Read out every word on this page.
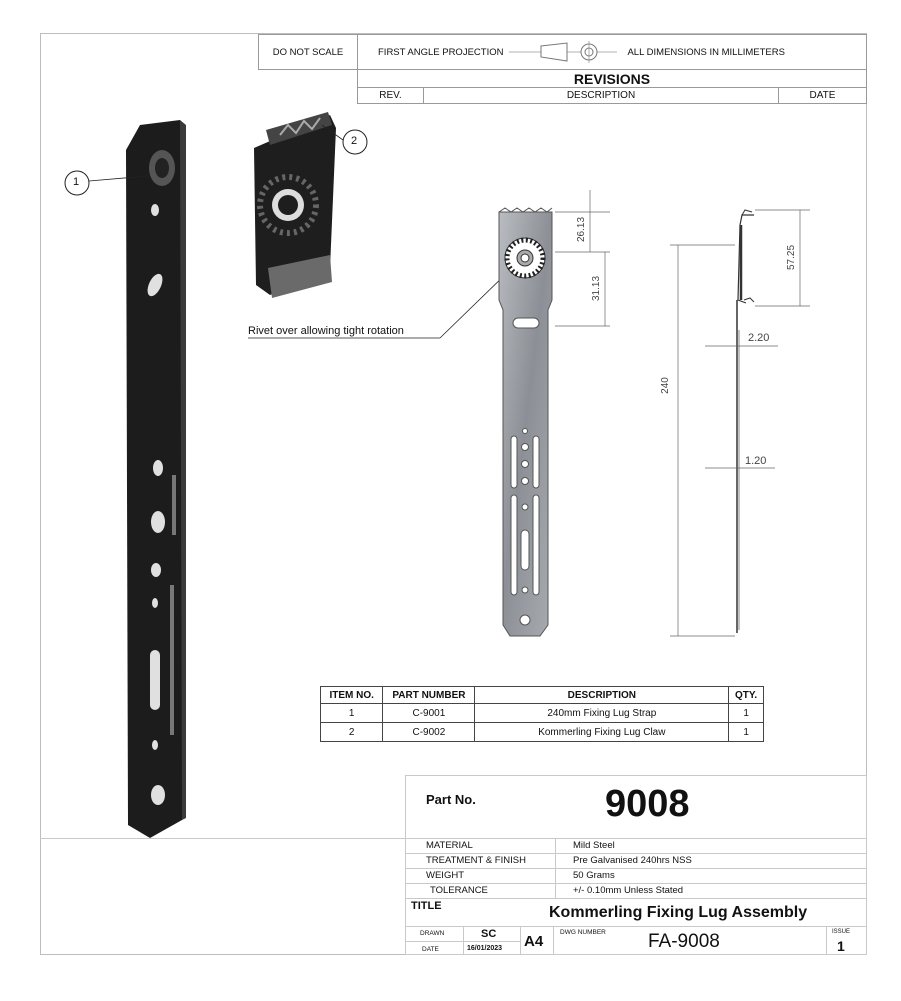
DO NOT SCALE	FIRST ANGLE PROJECTION	ALL DIMENSIONS IN MILLIMETERS
REVISIONS
REV.	DESCRIPTION	DATE
1
2
Rivet over allowing tight rotation
26.13
31.13
240
57.25
2.20
1.20
ITEM NO.	PART NUMBER	DESCRIPTION	QTY.
1	C-9001	240mm Fixing Lug Strap	1
2	C-9002	Kommerling Fixing Lug Claw	1
Part No.	9008
MATERIAL	Mild Steel
TREATMENT & FINISH	Pre Galvanised 240hrs NSS
WEIGHT	50 Grams
TOLERANCE	+/- 0.10mm Unless Stated
TITLE	Kommerling Fixing Lug Assembly
DRAWN	SC
DATE	16/01/2023 A4
DWG NUMBER FA-9008	ISSUE
1
